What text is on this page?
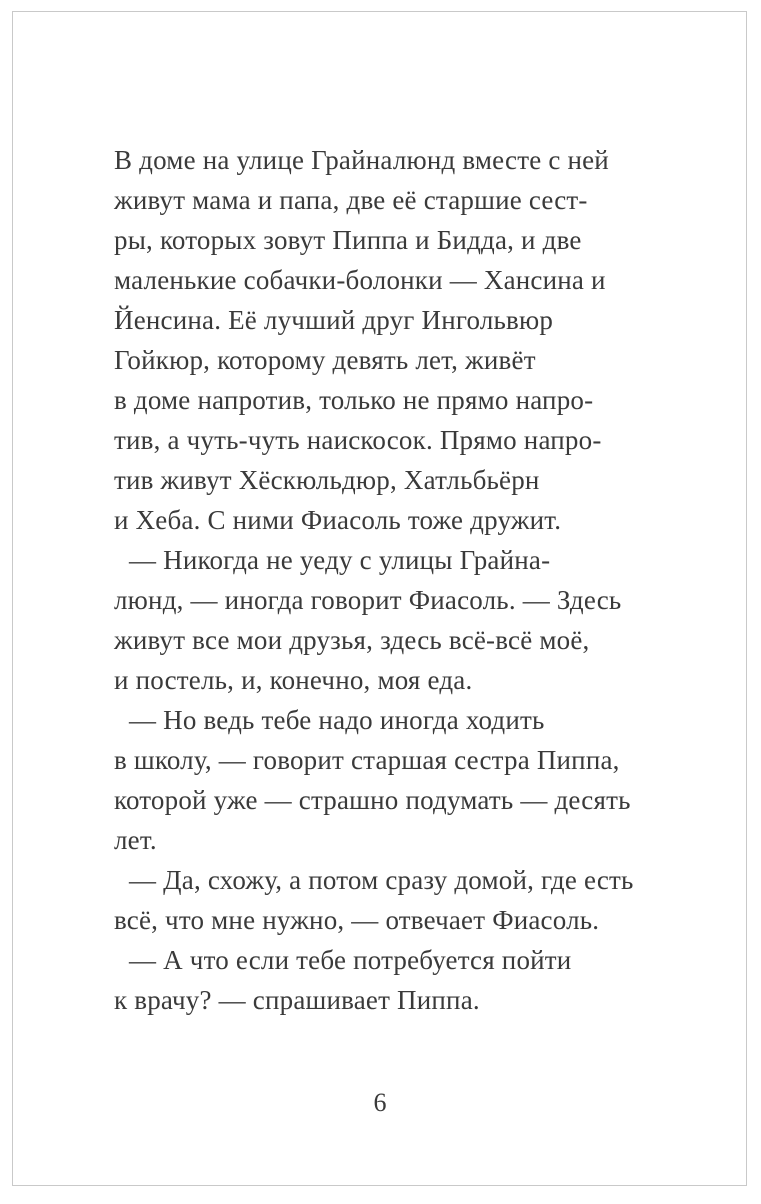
В доме на улице Грайналюнд вместе с ней
живут мама и папа, две её старшие сест-
ры, которых зовут Пиппа и Бидда, и две
маленькие собачки-болонки — Хансина и
Йенсина. Её лучший друг Ингольвюр
Гойкюр, которому девять лет, живёт
в доме напротив, только не прямо напро-
тив, а чуть-чуть наискосок. Прямо напро-
тив живут Хёскюльдюр, Хатльбьёрн
и Хеба. С ними Фиасоль тоже дружит.
— Никогда не уеду с улицы Грайна-
люнд, — иногда говорит Фиасоль. — Здесь
живут все мои друзья, здесь всё-всё моё,
и постель, и, конечно, моя еда.
— Но ведь тебе надо иногда ходить
в школу, — говорит старшая сестра Пиппа,
которой уже — страшно подумать — десять
лет.
— Да, схожу, а потом сразу домой, где есть
всё, что мне нужно, — отвечает Фиасоль.
— А что если тебе потребуется пойти
к врачу? — спрашивает Пиппа.
6
